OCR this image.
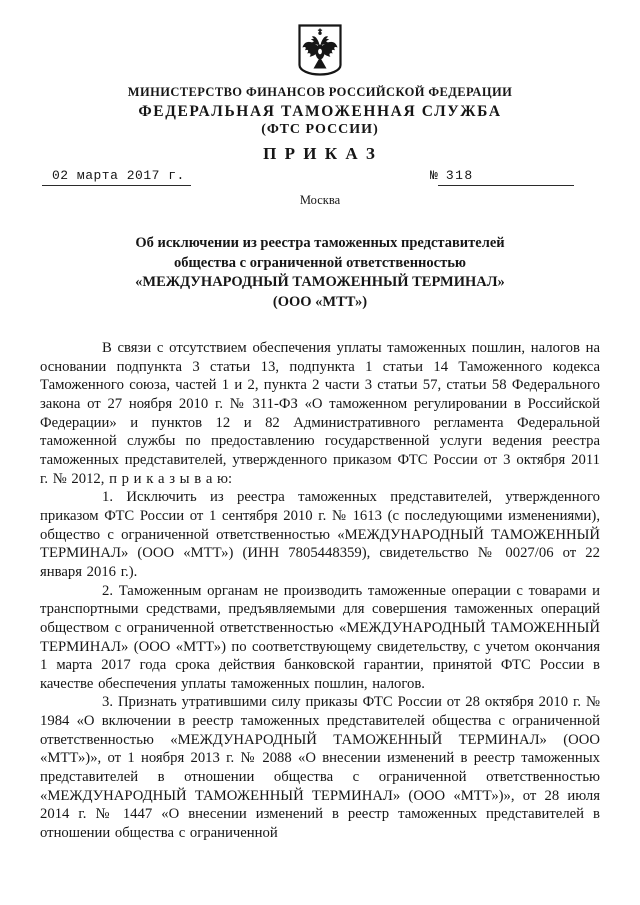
МИНИСТЕРСТВО ФИНАНСОВ РОССИЙСКОЙ ФЕДЕРАЦИИ
ФЕДЕРАЛЬНАЯ ТАМОЖЕННАЯ СЛУЖБА
(ФТС РОССИИ)
П Р И К А З
02 марта 2017 г.	№ 318
Москва
Об исключении из реестра таможенных представителей
общества с ограниченной ответственностью
«МЕЖДУНАРОДНЫЙ ТАМОЖЕННЫЙ ТЕРМИНАЛ»
(ООО «МТТ»)

В связи с отсутствием обеспечения уплаты таможенных пошлин, налогов на основании подпункта 3 статьи 13, подпункта 1 статьи 14 Таможенного кодекса Таможенного союза, частей 1 и 2, пункта 2 части 3 статьи 57, статьи 58 Федерального закона от 27 ноября 2010 г. № 311-ФЗ «О таможенном регулировании в Российской Федерации» и пунктов 12 и 82 Административного регламента Федеральной таможенной службы по предоставлению государственной услуги ведения реестра таможенных представителей, утвержденного приказом ФТС России от 3 октября 2011 г. № 2012, п р и к а з ы в а ю:

1. Исключить из реестра таможенных представителей, утвержденного приказом ФТС России от 1 сентября 2010 г. № 1613 (с последующими изменениями), общество с ограниченной ответственностью «МЕЖДУНАРОДНЫЙ ТАМОЖЕННЫЙ ТЕРМИНАЛ» (ООО «МТТ») (ИНН 7805448359), свидетельство № 0027/06 от 22 января 2016 г.).

2. Таможенным органам не производить таможенные операции с товарами и транспортными средствами, предъявляемыми для совершения таможенных операций обществом с ограниченной ответственностью «МЕЖДУНАРОДНЫЙ ТАМОЖЕННЫЙ ТЕРМИНАЛ» (ООО «МТТ») по соответствующему свидетельству, с учетом окончания 1 марта 2017 года срока действия банковской гарантии, принятой ФТС России в качестве обеспечения уплаты таможенных пошлин, налогов.

3. Признать утратившими силу приказы ФТС России от 28 октября 2010 г. № 1984 «О включении в реестр таможенных представителей общества с ограниченной ответственностью «МЕЖДУНАРОДНЫЙ ТАМОЖЕННЫЙ ТЕРМИНАЛ» (ООО «МТТ»)», от 1 ноября 2013 г. № 2088 «О внесении изменений в реестр таможенных представителей в отношении общества с ограниченной ответственностью «МЕЖДУНАРОДНЫЙ ТАМОЖЕННЫЙ ТЕРМИНАЛ» (ООО «МТТ»)», от 28 июля 2014 г. № 1447 «О внесении изменений в реестр таможенных представителей в отношении общества с ограниченной
